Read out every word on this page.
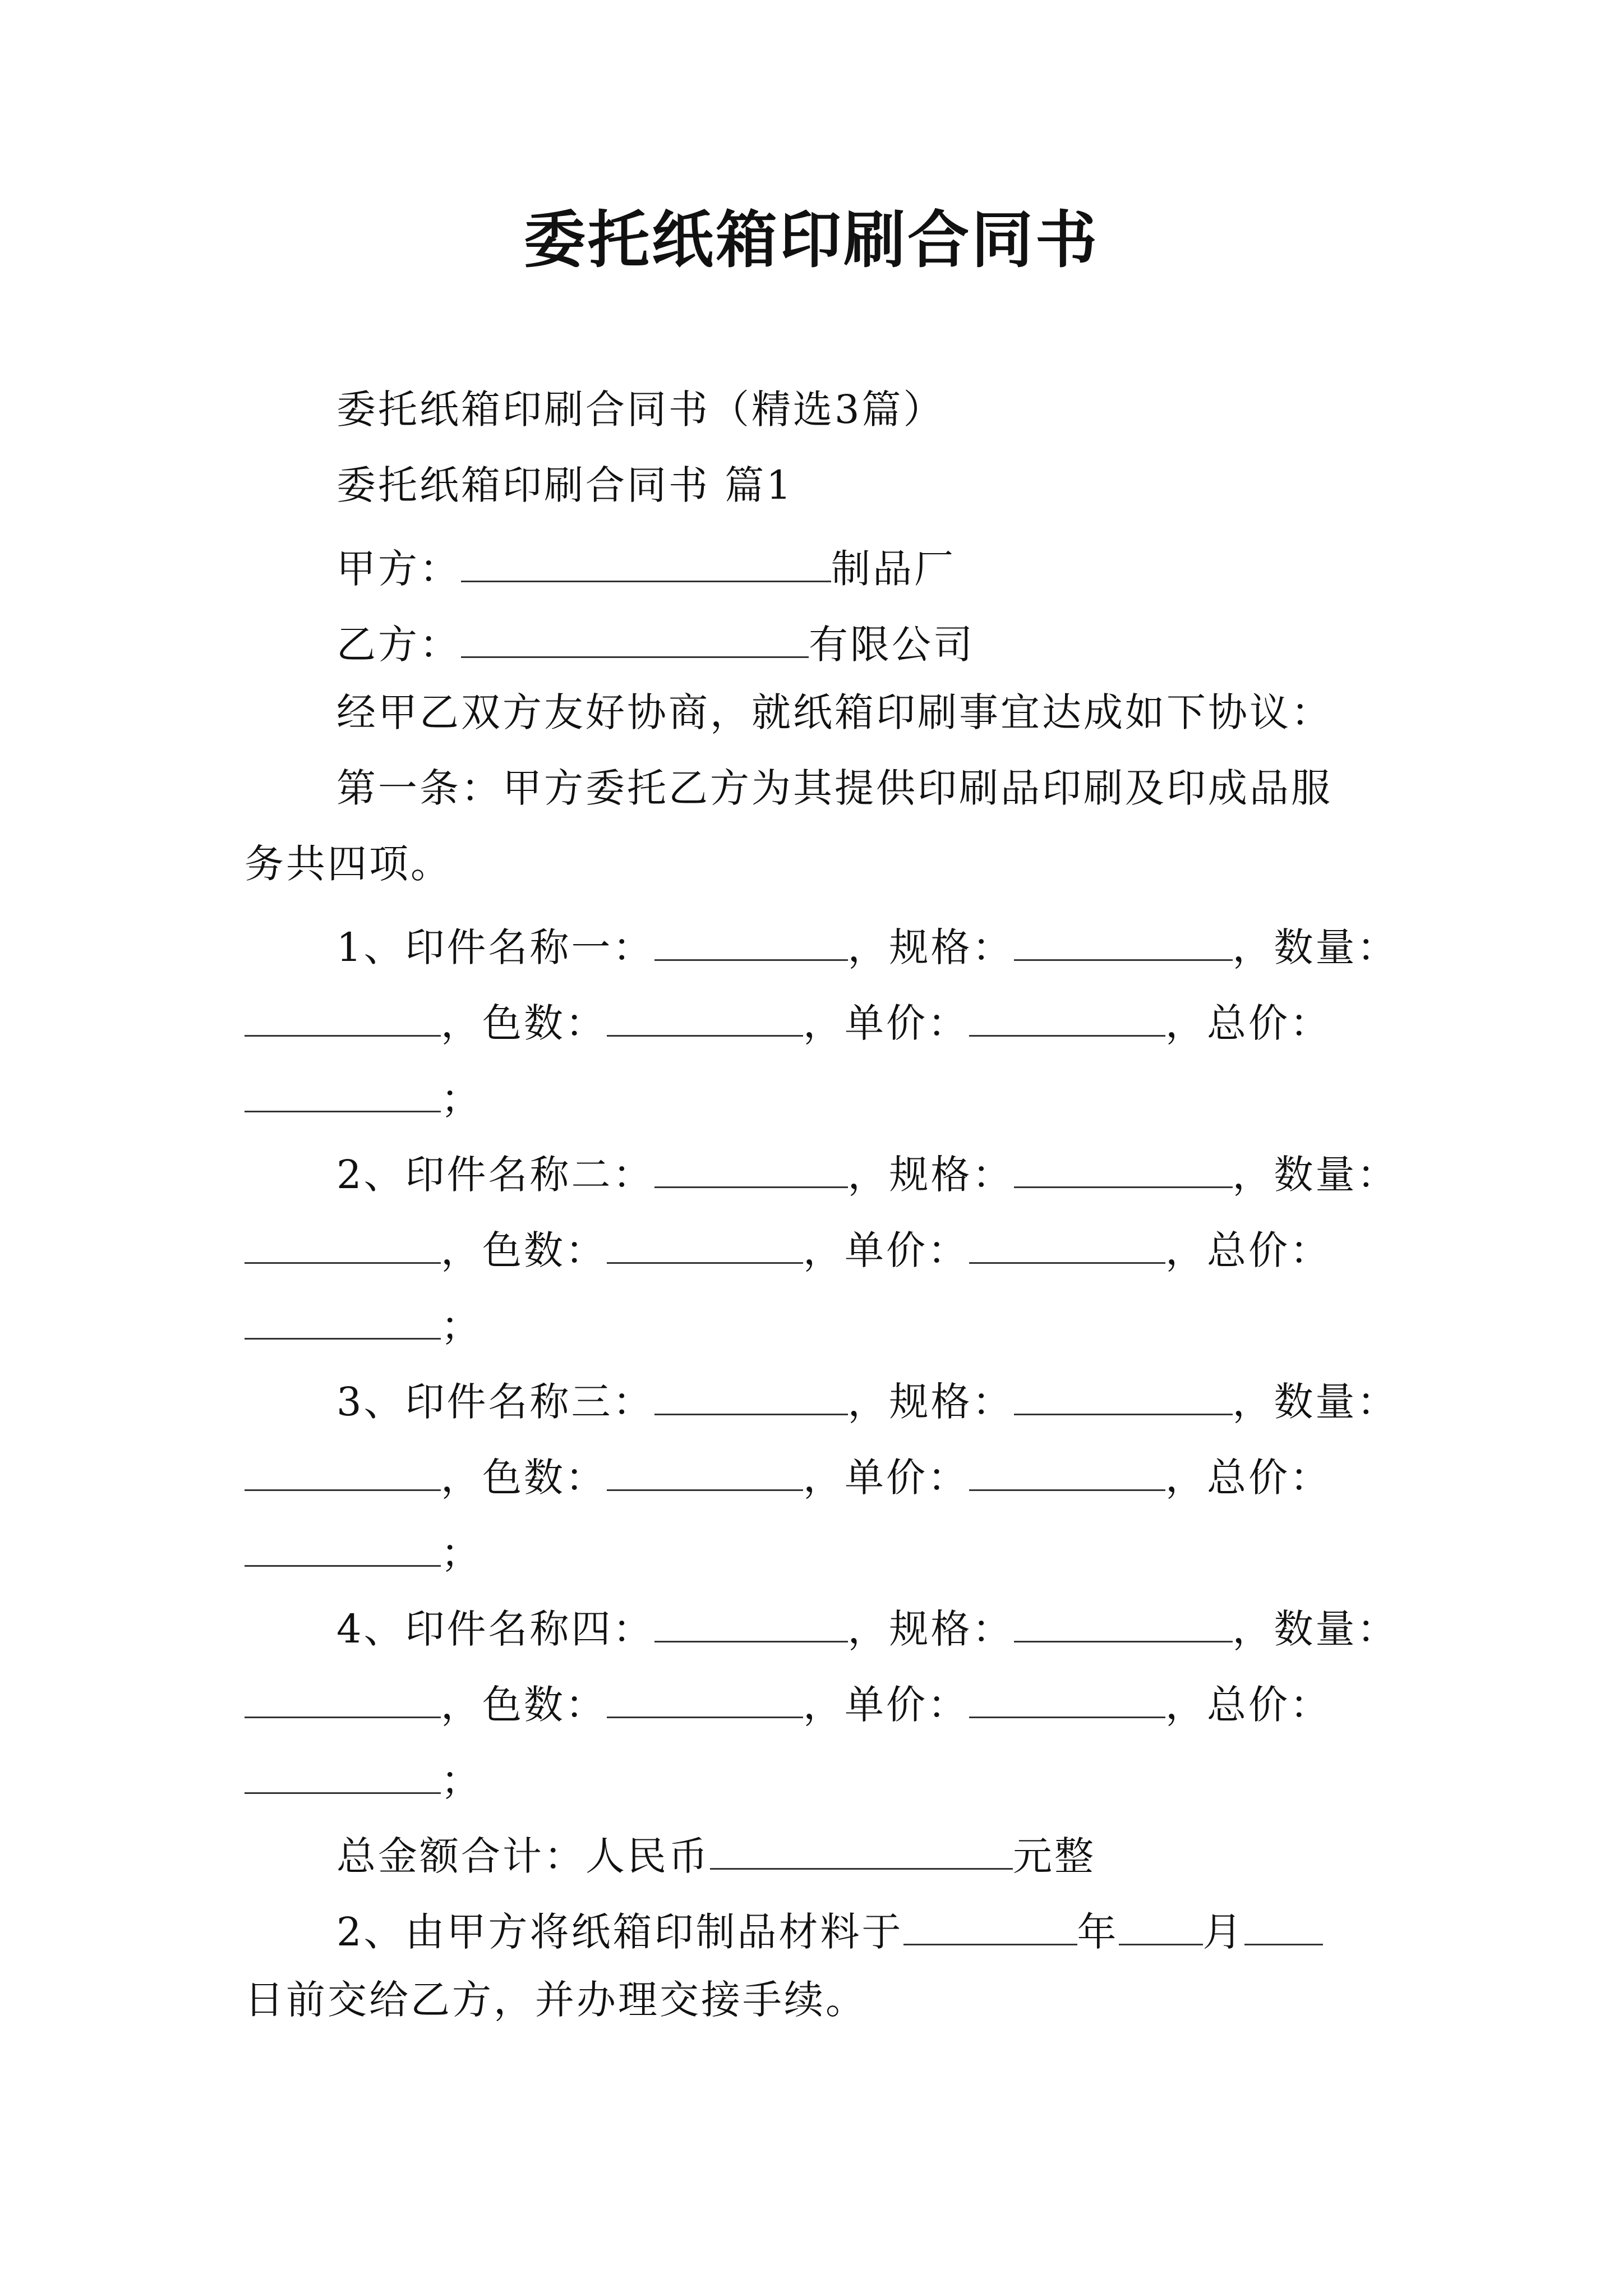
委托纸箱印刷合同书
委托纸箱印刷合同书（精选3篇）
委托纸箱印刷合同书 篇1
甲方：	制品厂
乙方：	有限公司
经甲乙双方友好协商，就纸箱印刷事宜达成如下协议：
第一条：甲方委托乙方为其提供印刷品印刷及印成品服
务共四项。
1、印件名称一：	，规格：	，数量：
，色数：	，单价：	，总价：
；
2、印件名称二：	，规格：	，数量：
，色数：	，单价：	，总价：
；
3、印件名称三：	，规格：	，数量：
，色数：	，单价：	，总价：
；
4、印件名称四：	，规格：	，数量：
，色数：	，单价：	，总价：
；
总金额合计：人民币	元整
2、由甲方将纸箱印制品材料于	年 月
日前交给乙方，并办理交接手续。
